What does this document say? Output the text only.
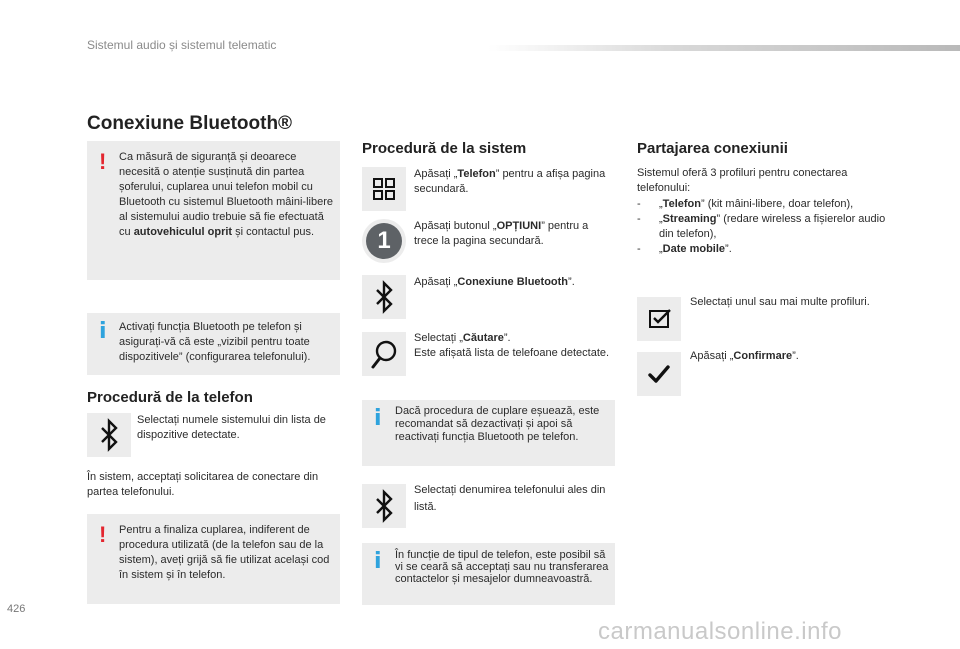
Sistemul audio și sistemul telematic
Conexiune Bluetooth®
! Ca măsură de siguranță și deoarece necesită o atenție susținută din partea șoferului, cuplarea unui telefon mobil cu Bluetooth cu sistemul Bluetooth mâini-libere al sistemului audio trebuie să fie efectuată cu autovehiculul oprit și contactul pus.
i Activați funcția Bluetooth pe telefon și asigurați-vă că este „vizibil pentru toate dispozitivele” (configurarea telefonului).
Procedură de la telefon
Selectați numele sistemului din lista de dispozitive detectate.
În sistem, acceptați solicitarea de conectare din partea telefonului.
! Pentru a finaliza cuplarea, indiferent de procedura utilizată (de la telefon sau de la sistem), aveți grijă să fie utilizat același cod în sistem și în telefon.
Procedură de la sistem
Apăsați „Telefon” pentru a afișa pagina secundară.
1
Apăsați butonul „OPȚIUNI” pentru a trece la pagina secundară.
Apăsați „Conexiune Bluetooth”.
Selectați „Căutare”.
Este afișată lista de telefoane detectate.
i Dacă procedura de cuplare eșuează, este recomandat să dezactivați și apoi să reactivați funcția Bluetooth pe telefon.
Selectați denumirea telefonului ales din listă.
i În funcție de tipul de telefon, este posibil să vi se ceară să acceptați sau nu transferarea contactelor și mesajelor dumneavoastră.
Partajarea conexiunii
Sistemul oferă 3 profiluri pentru conectarea telefonului:
- „Telefon” (kit mâini-libere, doar telefon),
- „Streaming” (redare wireless a fișierelor audio din telefon),
- „Date mobile”.
Selectați unul sau mai multe profiluri.
Apăsați „Confirmare”.
426
carmanualsonline.info
